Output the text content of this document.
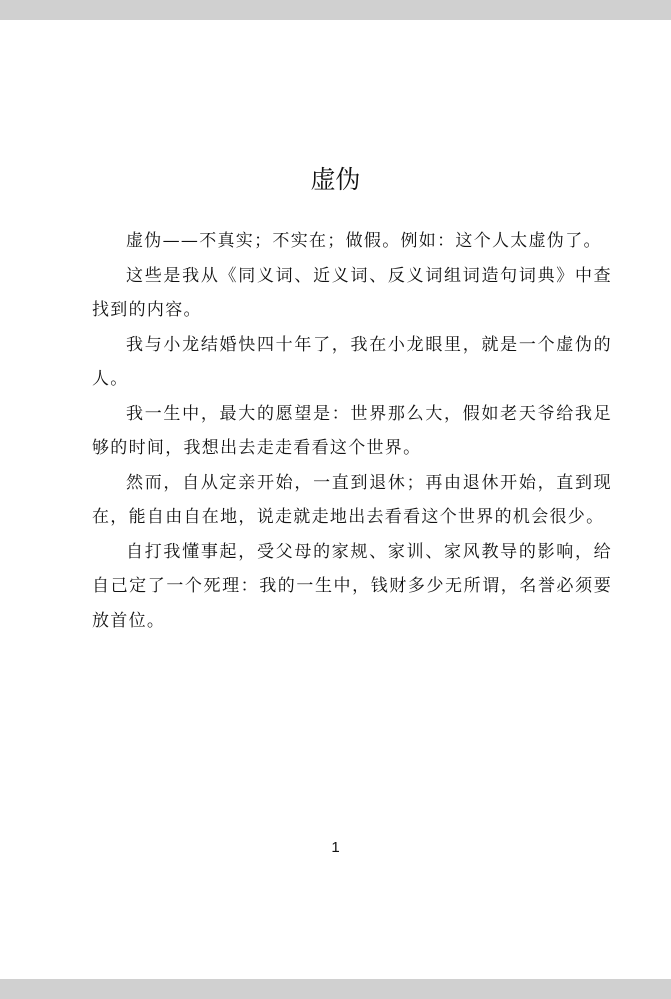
虚伪

虚伪——不真实；不实在；做假。例如：这个人太虚伪了。

这些是我从《同义词、近义词、反义词组词造句词典》中查找到的内容。

我与小龙结婚快四十年了，我在小龙眼里，就是一个虚伪的人。

我一生中，最大的愿望是：世界那么大，假如老天爷给我足够的时间，我想出去走走看看这个世界。

然而，自从定亲开始，一直到退休；再由退休开始，直到现在，能自由自在地，说走就走地出去看看这个世界的机会很少。

自打我懂事起，受父母的家规、家训、家风教导的影响，给自己定了一个死理：我的一生中，钱财多少无所谓，名誉必须要放首位。

1
